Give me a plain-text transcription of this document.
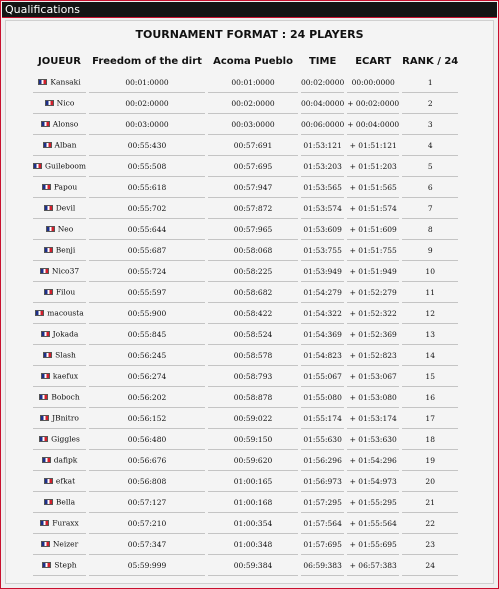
Qualifications
TOURNAMENT FORMAT : 24 PLAYERS
JOUEUR	Freedom of the dirt	Acoma Pueblo	TIME	ECART	RANK / 24
Kansaki	00:01:0000	00:01:0000	00:02:0000	00:00:0000	1
Nico	00:02:0000	00:02:0000	00:04:0000	+ 00:02:0000	2
Alonso	00:03:0000	00:03:0000	00:06:0000	+ 00:04:0000	3
Alban	00:55:430	00:57:691	01:53:121	+ 01:51:121	4
Guileboom	00:55:508	00:57:695	01:53:203	+ 01:51:203	5
Papou	00:55:618	00:57:947	01:53:565	+ 01:51:565	6
Devil	00:55:702	00:57:872	01:53:574	+ 01:51:574	7
Neo	00:55:644	00:57:965	01:53:609	+ 01:51:609	8
Benji	00:55:687	00:58:068	01:53:755	+ 01:51:755	9
Nico37	00:55:724	00:58:225	01:53:949	+ 01:51:949	10
Filou	00:55:597	00:58:682	01:54:279	+ 01:52:279	11
macousta	00:55:900	00:58:422	01:54:322	+ 01:52:322	12
Jokada	00:55:845	00:58:524	01:54:369	+ 01:52:369	13
Slash	00:56:245	00:58:578	01:54:823	+ 01:52:823	14
kaefux	00:56:274	00:58:793	01:55:067	+ 01:53:067	15
Boboch	00:56:202	00:58:878	01:55:080	+ 01:53:080	16
JBnitro	00:56:152	00:59:022	01:55:174	+ 01:53:174	17
Giggles	00:56:480	00:59:150	01:55:630	+ 01:53:630	18
dafipk	00:56:676	00:59:620	01:56:296	+ 01:54:296	19
efkat	00:56:808	01:00:165	01:56:973	+ 01:54:973	20
Bella	00:57:127	01:00:168	01:57:295	+ 01:55:295	21
Furaxx	00:57:210	01:00:354	01:57:564	+ 01:55:564	22
Neizer	00:57:347	01:00:348	01:57:695	+ 01:55:695	23
Steph	05:59:999	00:59:384	06:59:383	+ 06:57:383	24
